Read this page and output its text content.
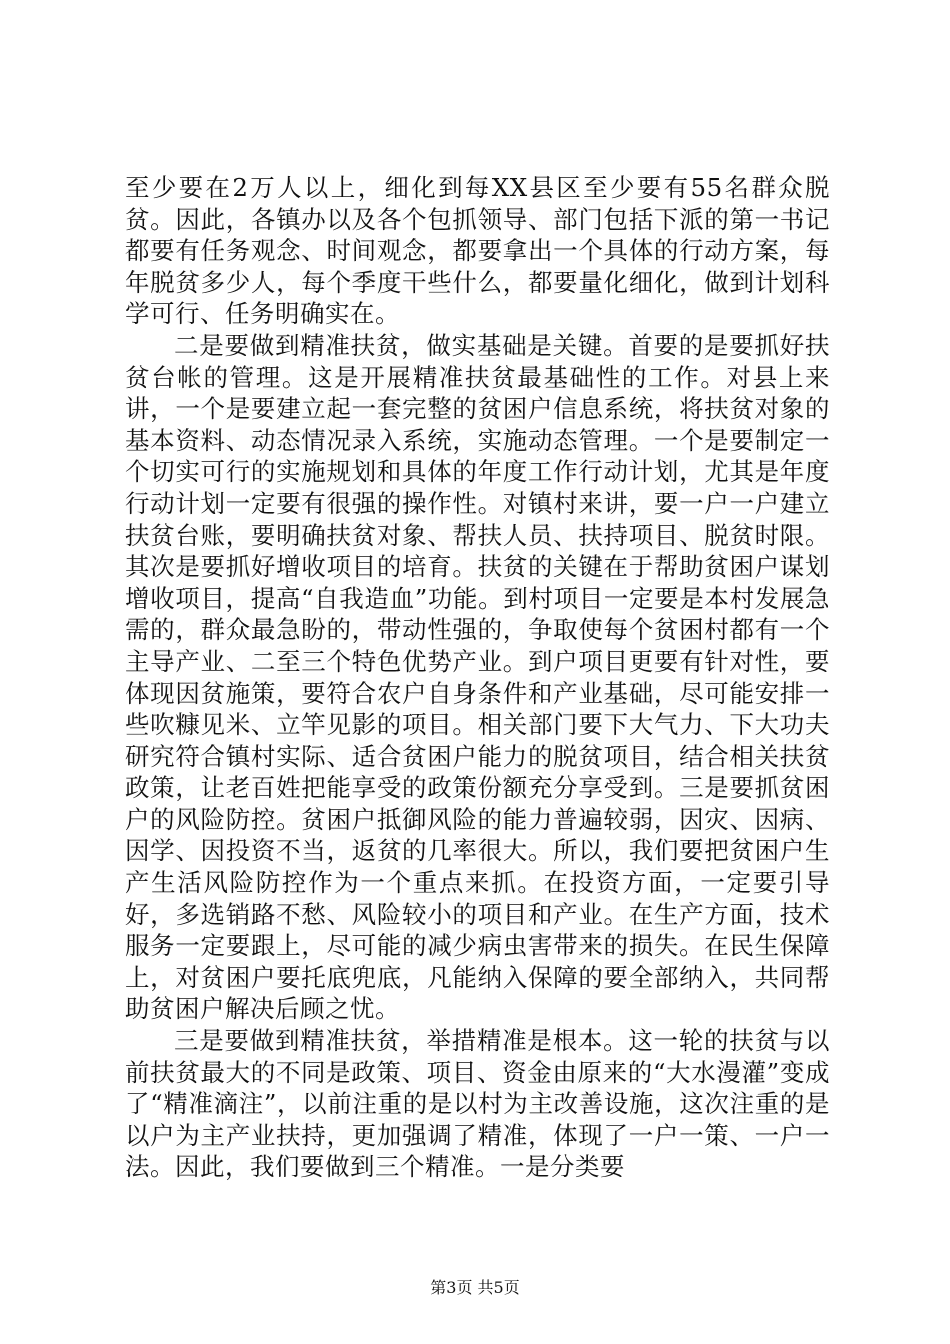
至少要在2万人以上，细化到每XX县区至少要有55名群众脱贫。因此，各镇办以及各个包抓领导、部门包括下派的第一书记都要有任务观念、时间观念，都要拿出一个具体的行动方案，每年脱贫多少人，每个季度干些什么，都要量化细化，做到计划科学可行、任务明确实在。

二是要做到精准扶贫，做实基础是关键。首要的是要抓好扶贫台帐的管理。这是开展精准扶贫最基础性的工作。对县上来讲，一个是要建立起一套完整的贫困户信息系统，将扶贫对象的基本资料、动态情况录入系统，实施动态管理。一个是要制定一个切实可行的实施规划和具体的年度工作行动计划，尤其是年度行动计划一定要有很强的操作性。对镇村来讲，要一户一户建立扶贫台账，要明确扶贫对象、帮扶人员、扶持项目、脱贫时限。其次是要抓好增收项目的培育。扶贫的关键在于帮助贫困户谋划增收项目，提高“自我造血”功能。到村项目一定要是本村发展急需的，群众最急盼的，带动性强的，争取使每个贫困村都有一个主导产业、二至三个特色优势产业。到户项目更要有针对性，要体现因贫施策，要符合农户自身条件和产业基础，尽可能安排一些吹糠见米、立竿见影的项目。相关部门要下大气力、下大功夫研究符合镇村实际、适合贫困户能力的脱贫项目，结合相关扶贫政策，让老百姓把能享受的政策份额充分享受到。三是要抓贫困户的风险防控。贫困户抵御风险的能力普遍较弱，因灾、因病、因学、因投资不当，返贫的几率很大。所以，我们要把贫困户生产生活风险防控作为一个重点来抓。在投资方面，一定要引导好，多选销路不愁、风险较小的项目和产业。在生产方面，技术服务一定要跟上，尽可能的减少病虫害带来的损失。在民生保障上，对贫困户要托底兜底，凡能纳入保障的要全部纳入，共同帮助贫困户解决后顾之忧。

三是要做到精准扶贫，举措精准是根本。这一轮的扶贫与以前扶贫最大的不同是政策、项目、资金由原来的“大水漫灌”变成了“精准滴注”，以前注重的是以村为主改善设施，这次注重的是以户为主产业扶持，更加强调了精准，体现了一户一策、一户一法。因此，我们要做到三个精准。一是分类要

第3页 共5页
